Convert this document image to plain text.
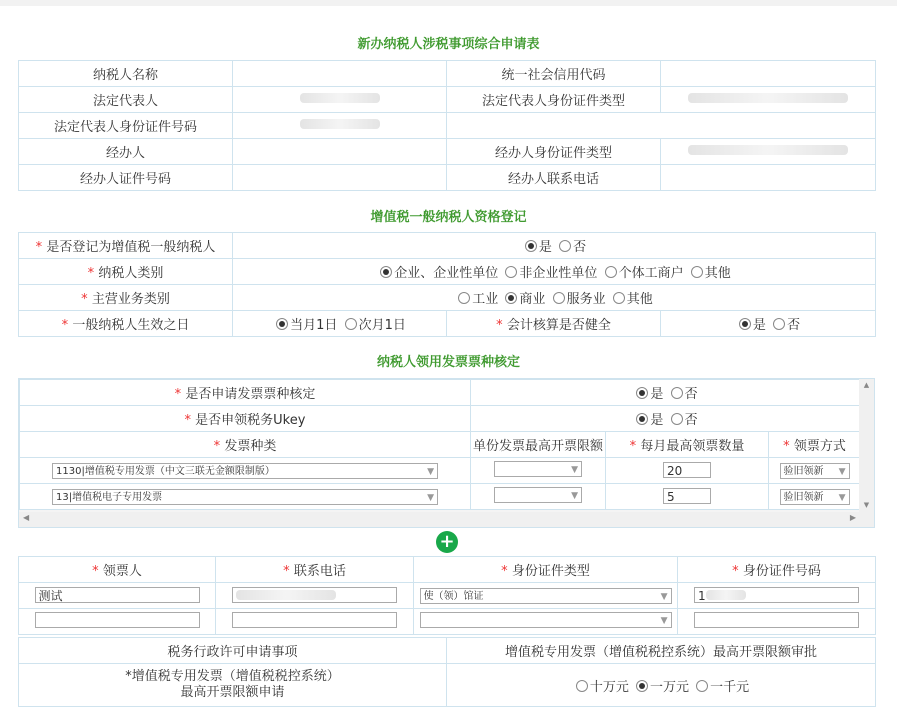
新办纳税人涉税事项综合申请表
纳税人名称		统一社会信用代码	
法定代表人		法定代表人身份证件类型	
法定代表人身份证件号码			
经办人		经办人身份证件类型	
经办人证件号码		经办人联系电话	
增值税一般纳税人资格登记
* 是否登记为增值税一般纳税人	是 否		
* 纳税人类别	企业、企业性单位 非企业性单位 个体工商户 其他		
* 主营业务类别	工业 商业 服务业 其他		
* 一般纳税人生效之日	当月1日 次月1日	* 会计核算是否健全	是 否
纳税人领用发票票种核定
* 是否申请发票票种核定	是 否		
* 是否申领税务Ukey	是 否		
* 发票种类	单份发票最高开票限额	* 每月最高领票数量	* 领票方式
1130|增值税专用发票（中文三联无金额限制版） ▼	▼	20	验旧领新 ▼

13|增值税电子专用发票 ▼	▼	5	验旧领新 ▼
▲
▼
◀	▶
+
* 领票人	* 联系电话	* 身份证件类型	* 身份证件号码
测试		使（领）馆证 ▼	1

		▼	

税务行政许可申请事项	增值税专用发票（增值税税控系统）最高开票限额审批
*增值税专用发票（增值税税控系统）
最高开票限额申请	十万元 一万元 一千元
